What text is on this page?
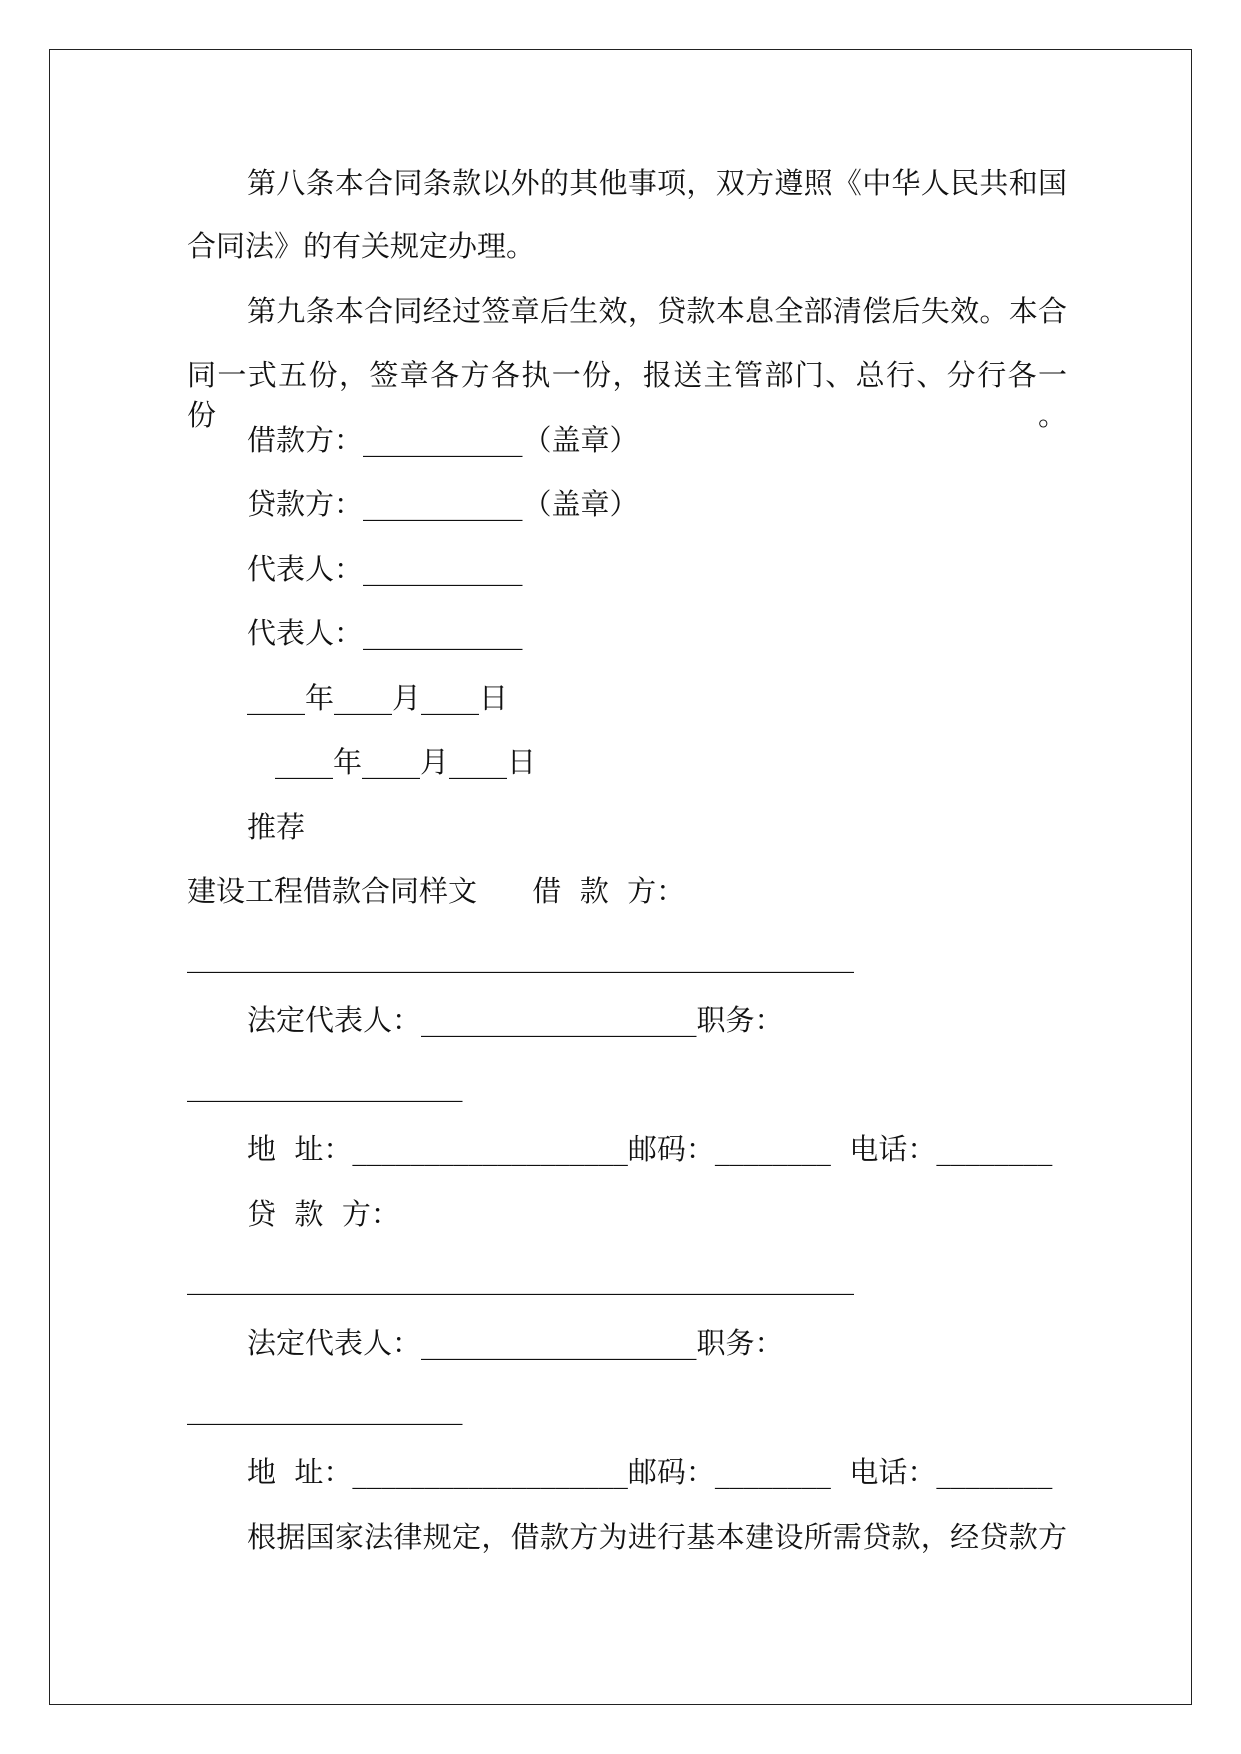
第八条本合同条款以外的其他事项，双方遵照《中华人民共和国
合同法》的有关规定办理。
第九条本合同经过签章后生效，贷款本息全部清偿后失效。本合
同一式五份，签章各方各执一份，报送主管部门、总行、分行各一份。
借款方：___________（盖章）
贷款方：___________（盖章）
代表人：___________
代表人：___________
____年____月____日
____年____月____日
推荐
建设工程借款合同样文      借  款  方：
______________________________________________
法定代表人：___________________职务：
___________________
地  址：___________________邮码：________  电话：________
贷  款  方：
______________________________________________
法定代表人：___________________职务：
___________________
地  址：___________________邮码：________  电话：________
根据国家法律规定，借款方为进行基本建设所需贷款，经贷款方
